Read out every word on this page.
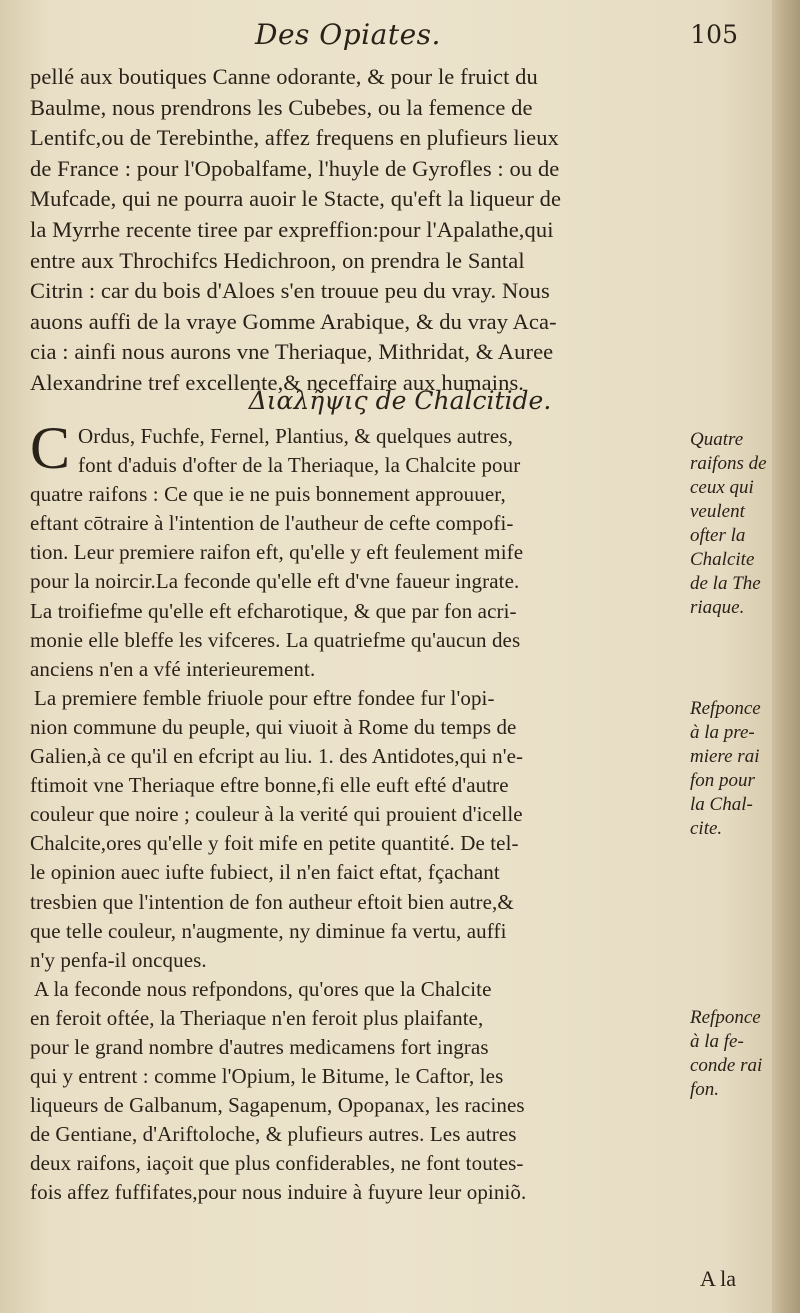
Des Opiates.	105
pellé aux boutiques Canne odorante, & pour le fruict du
Baulme, nous prendrons les Cubebes, ou la femence de
Lentifc,ou de Terebinthe, affez frequens en plufieurs lieux
de France : pour l'Opobalfame, l'huyle de Gyrofles : ou de
Mufcade, qui ne pourra auoir le Stacte, qu'eft la liqueur de
la Myrrhe recente tiree par expreffion:pour l'Apalathe,qui
entre aux Throchifcs Hedichroon, on prendra le Santal
Citrin : car du bois d'Aloes s'en trouue peu du vray. Nous
auons auffi de la vraye Gomme Arabique, & du vray Aca-
cia : ainfi nous aurons vne Theriaque, Mithridat, & Auree
Alexandrine tref excellente,& neceffaire aux humains.
Διαλῆψις de Chalcitide.
C Ordus, Fuchfe, Fernel, Plantius, & quelques autres,
font d'aduis d'ofter de la Theriaque, la Chalcite pour
quatre raifons : Ce que ie ne puis bonnement approuuer,
eftant cōtraire à l'intention de l'autheur de cefte compofi-
tion. Leur premiere raifon eft, qu'elle y eft feulement mife
pour la noircir.La feconde qu'elle eft d'vne faueur ingrate.
La troifiefme qu'elle eft efcharotique, & que par fon acri-
monie elle bleffe les vifceres. La quatriefme qu'aucun des
anciens n'en a vfé interieurement.
La premiere femble friuole pour eftre fondee fur l'opi-
nion commune du peuple, qui viuoit à Rome du temps de
Galien,à ce qu'il en efcript au liu. 1. des Antidotes,qui n'e-
ftimoit vne Theriaque eftre bonne,fi elle euft efté d'autre
couleur que noire ; couleur à la verité qui prouient d'icelle
Chalcite,ores qu'elle y foit mife en petite quantité. De tel-
le opinion auec iufte fubiect, il n'en faict eftat, fçachant
tresbien que l'intention de fon autheur eftoit bien autre,&
que telle couleur, n'augmente, ny diminue fa vertu, auffi
n'y penfa-il oncques.
A la feconde nous refpondons, qu'ores que la Chalcite
en feroit oftée, la Theriaque n'en feroit plus plaifante,
pour le grand nombre d'autres medicamens fort ingras
qui y entrent : comme l'Opium, le Bitume, le Caftor, les
liqueurs de Galbanum, Sagapenum, Opopanax, les racines
de Gentiane, d'Ariftoloche, & plufieurs autres. Les autres
deux raifons, iaçoit que plus confiderables, ne font toutes-
fois affez fuffifates,pour nous induire à fuyure leur opiniõ.
Quatre
raifons de
ceux qui
veulent
ofter la
Chalcite
de la The
riaque.
Refponce
à la pre-
miere rai
fon pour
la Chal-
cite.
Refponce
à la fe-
conde rai
fon.
A la
